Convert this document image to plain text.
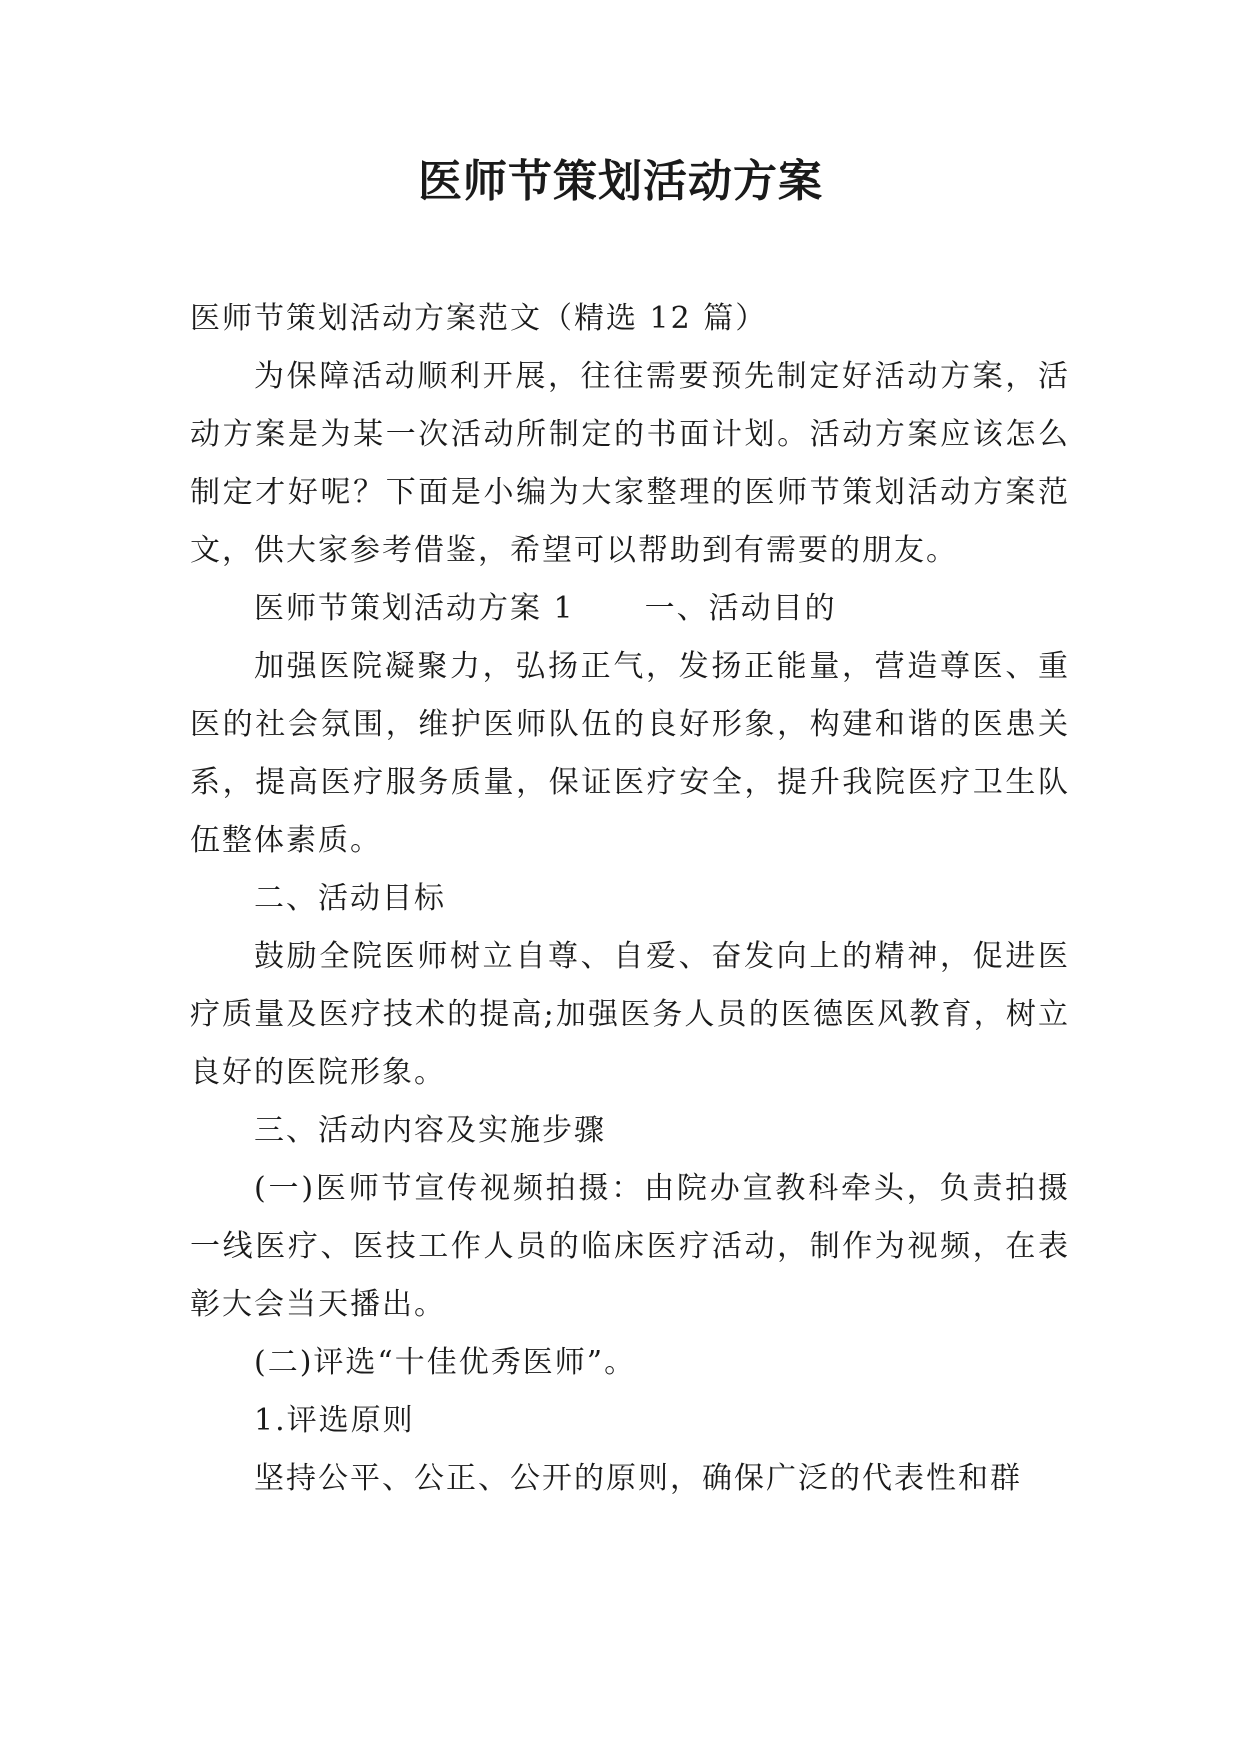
医师节策划活动方案

医师节策划活动方案范文（精选 12 篇）

为保障活动顺利开展，往往需要预先制定好活动方案，活动方案是为某一次活动所制定的书面计划。活动方案应该怎么制定才好呢？下面是小编为大家整理的医师节策划活动方案范文，供大家参考借鉴，希望可以帮助到有需要的朋友。

医师节策划活动方案 1 一、活动目的

加强医院凝聚力，弘扬正气，发扬正能量，营造尊医、重医的社会氛围，维护医师队伍的良好形象，构建和谐的医患关系，提高医疗服务质量，保证医疗安全，提升我院医疗卫生队伍整体素质。

二、活动目标

鼓励全院医师树立自尊、自爱、奋发向上的精神，促进医疗质量及医疗技术的提高;加强医务人员的医德医风教育，树立良好的医院形象。

三、活动内容及实施步骤

(一)医师节宣传视频拍摄：由院办宣教科牵头，负责拍摄一线医疗、医技工作人员的临床医疗活动，制作为视频，在表彰大会当天播出。

(二)评选“十佳优秀医师”。

1.评选原则

坚持公平、公正、公开的原则，确保广泛的代表性和群
